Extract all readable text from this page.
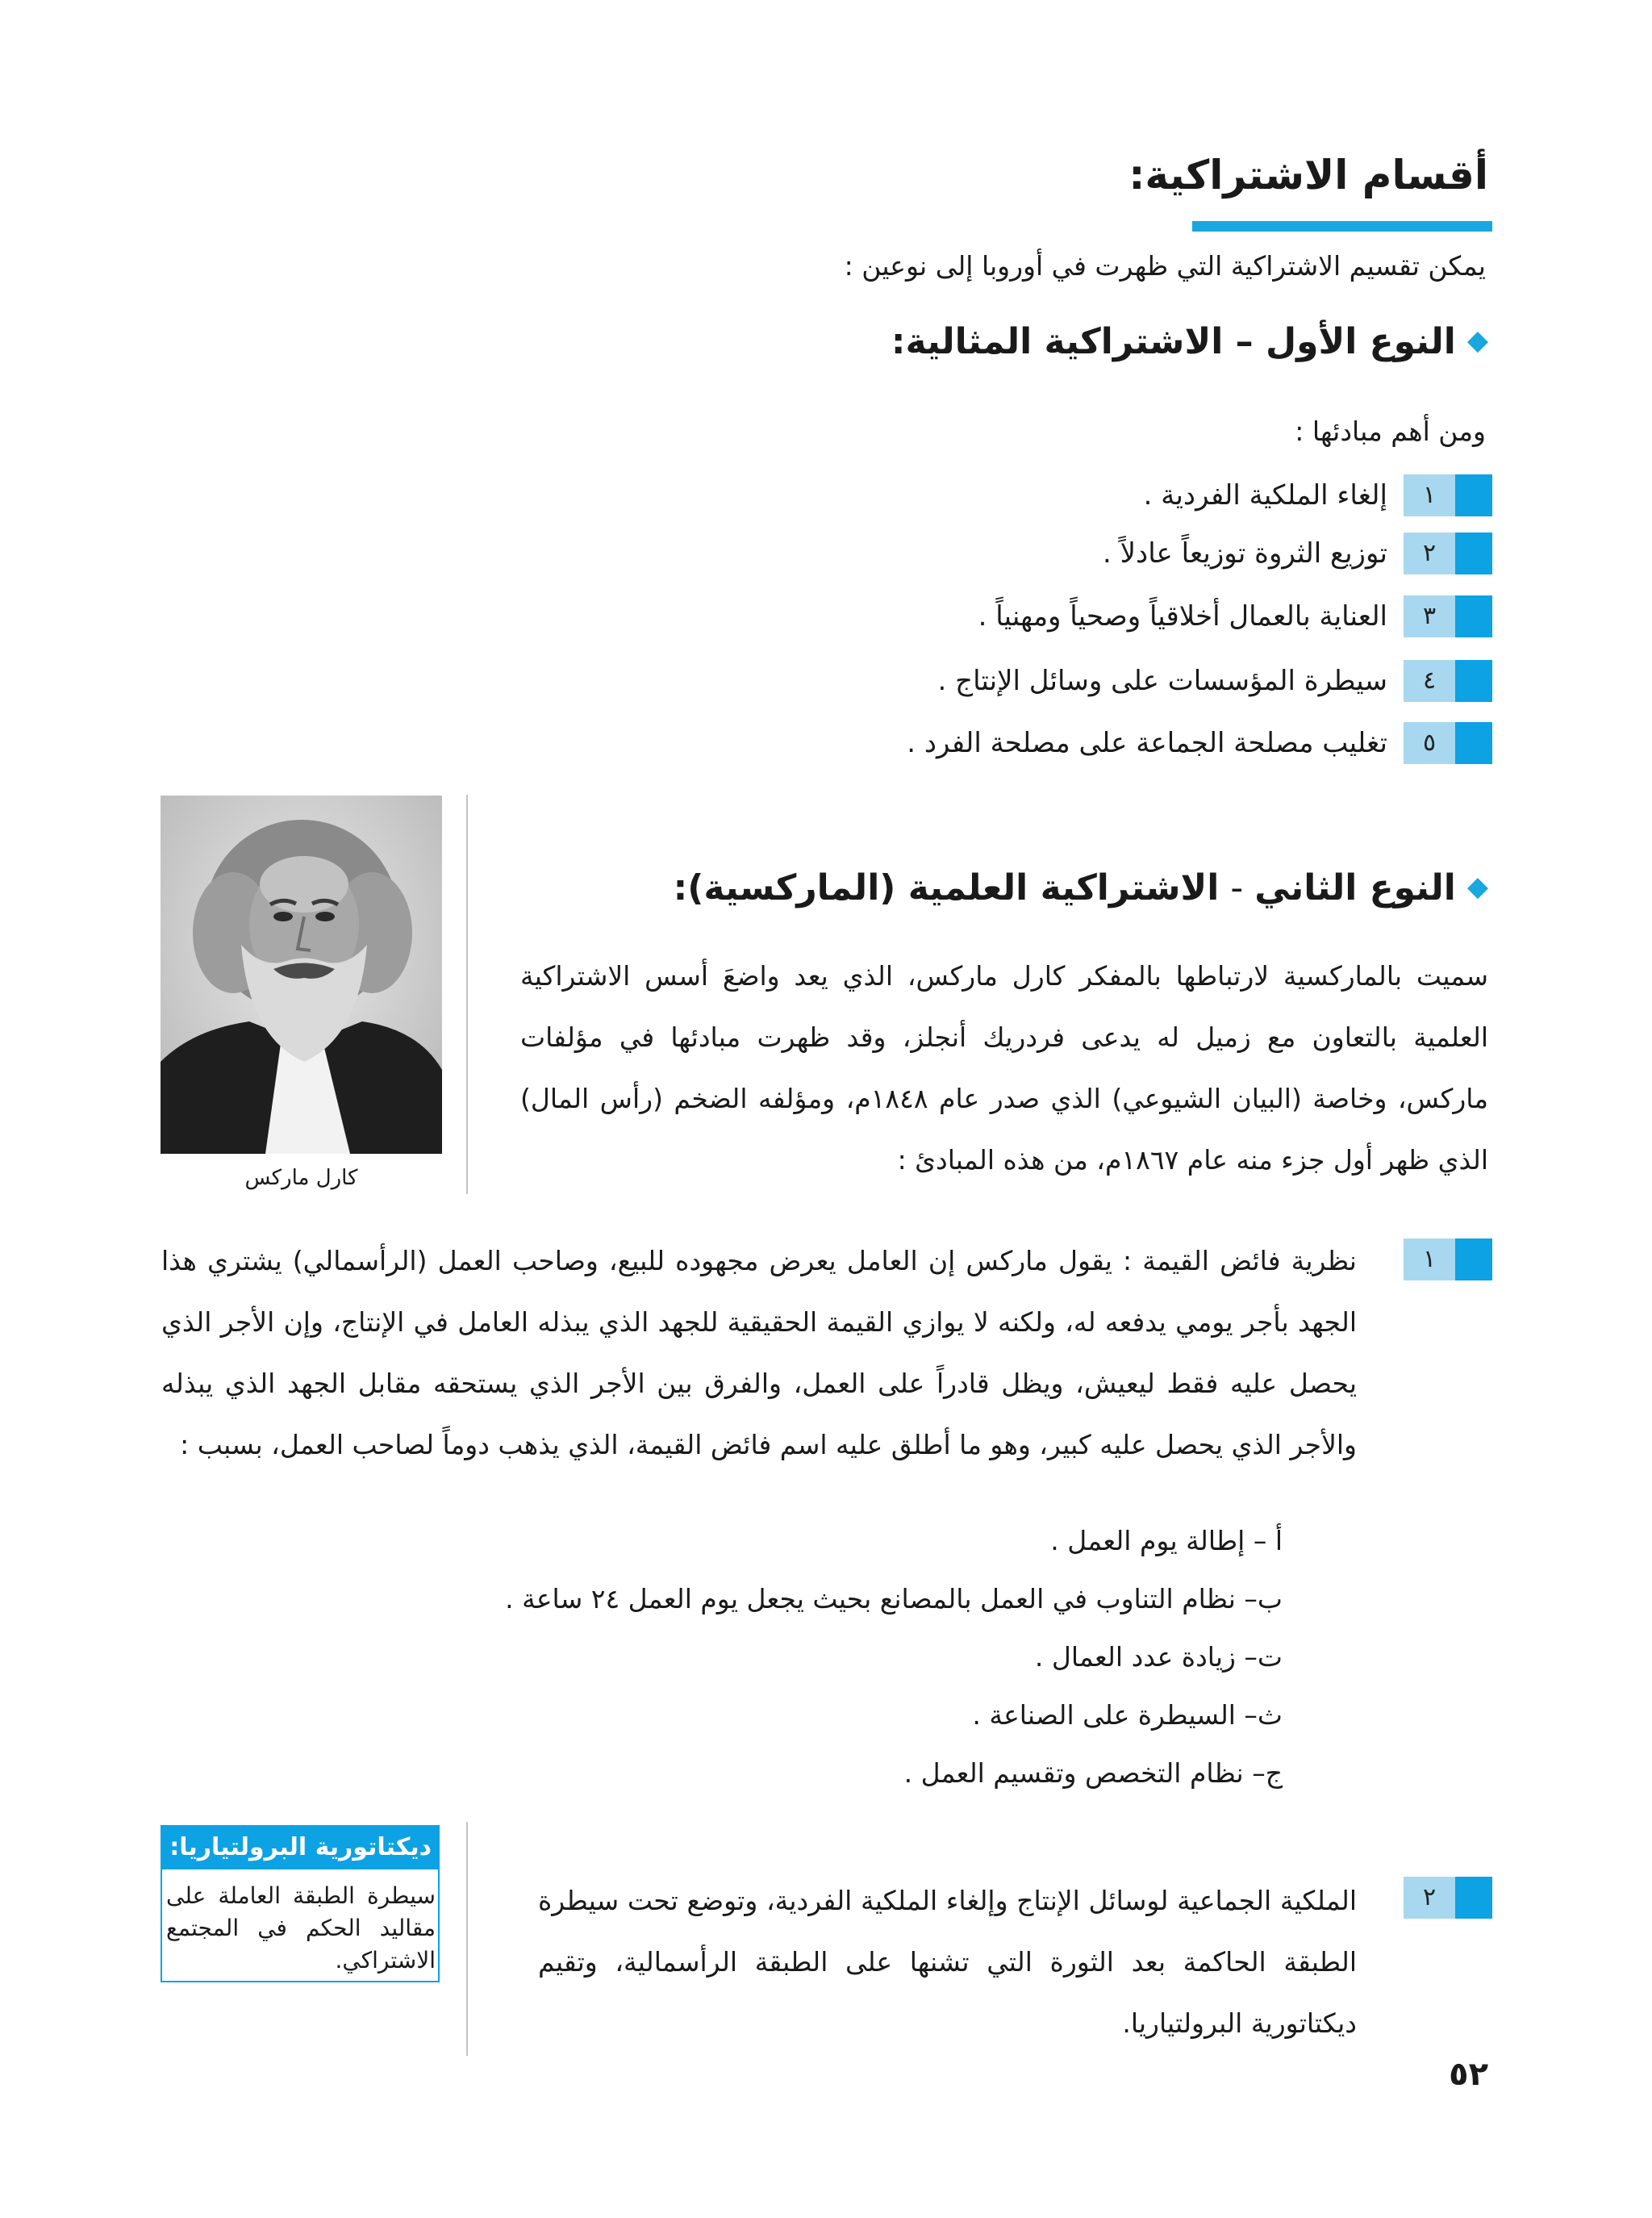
أقسام الاشتراكية:
يمكن تقسيم الاشتراكية التي ظهرت في أوروبا إلى نوعين :
◆النوع الأول – الاشتراكية المثالية:
ومن أهم مبادئها :
١
إلغاء الملكية الفردية .
٢
توزيع الثروة توزيعاً عادلاً .
٣
العناية بالعمال أخلاقياً وصحياً ومهنياً .
٤
سيطرة المؤسسات على وسائل الإنتاج .
٥
تغليب مصلحة الجماعة على مصلحة الفرد .
كارل ماركس
◆النوع الثاني - الاشتراكية العلمية (الماركسية):
سميت بالماركسية لارتباطها بالمفكر كارل ماركس، الذي يعد واضعَ أسس الاشتراكية العلمية بالتعاون مع زميل له يدعى فردريك أنجلز، وقد ظهرت مبادئها في مؤلفات ماركس، وخاصة (البيان الشيوعي) الذي صدر عام ١٨٤٨م، ومؤلفه الضخم (رأس المال) الذي ظهر أول جزء منه عام ١٨٦٧م، من هذه المبادئ :
١
نظرية فائض القيمة : يقول ماركس إن العامل يعرض مجهوده للبيع، وصاحب العمل (الرأسمالي) يشتري هذا الجهد بأجر يومي يدفعه له، ولكنه لا يوازي القيمة الحقيقية للجهد الذي يبذله العامل في الإنتاج، وإن الأجر الذي يحصل عليه فقط ليعيش، ويظل قادراً على العمل، والفرق بين الأجر الذي يستحقه مقابل الجهد الذي يبذله والأجر الذي يحصل عليه كبير، وهو ما أطلق عليه اسم فائض القيمة، الذي يذهب دوماً لصاحب العمل، بسبب :
أ – إطالة يوم العمل .
ب– نظام التناوب في العمل بالمصانع بحيث يجعل يوم العمل ٢٤ ساعة .
ت– زيادة عدد العمال .
ث– السيطرة على الصناعة .
ج– نظام التخصص وتقسيم العمل .
ديكتاتورية البرولتياريا:
سيطرة الطبقة العاملة على مقاليد الحكم في المجتمع الاشتراكي.
٢
الملكية الجماعية لوسائل الإنتاج وإلغاء الملكية الفردية، وتوضع تحت سيطرة الطبقة الحاكمة بعد الثورة التي تشنها على الطبقة الرأسمالية، وتقيم ديكتاتورية البرولتياريا.
٥٢
